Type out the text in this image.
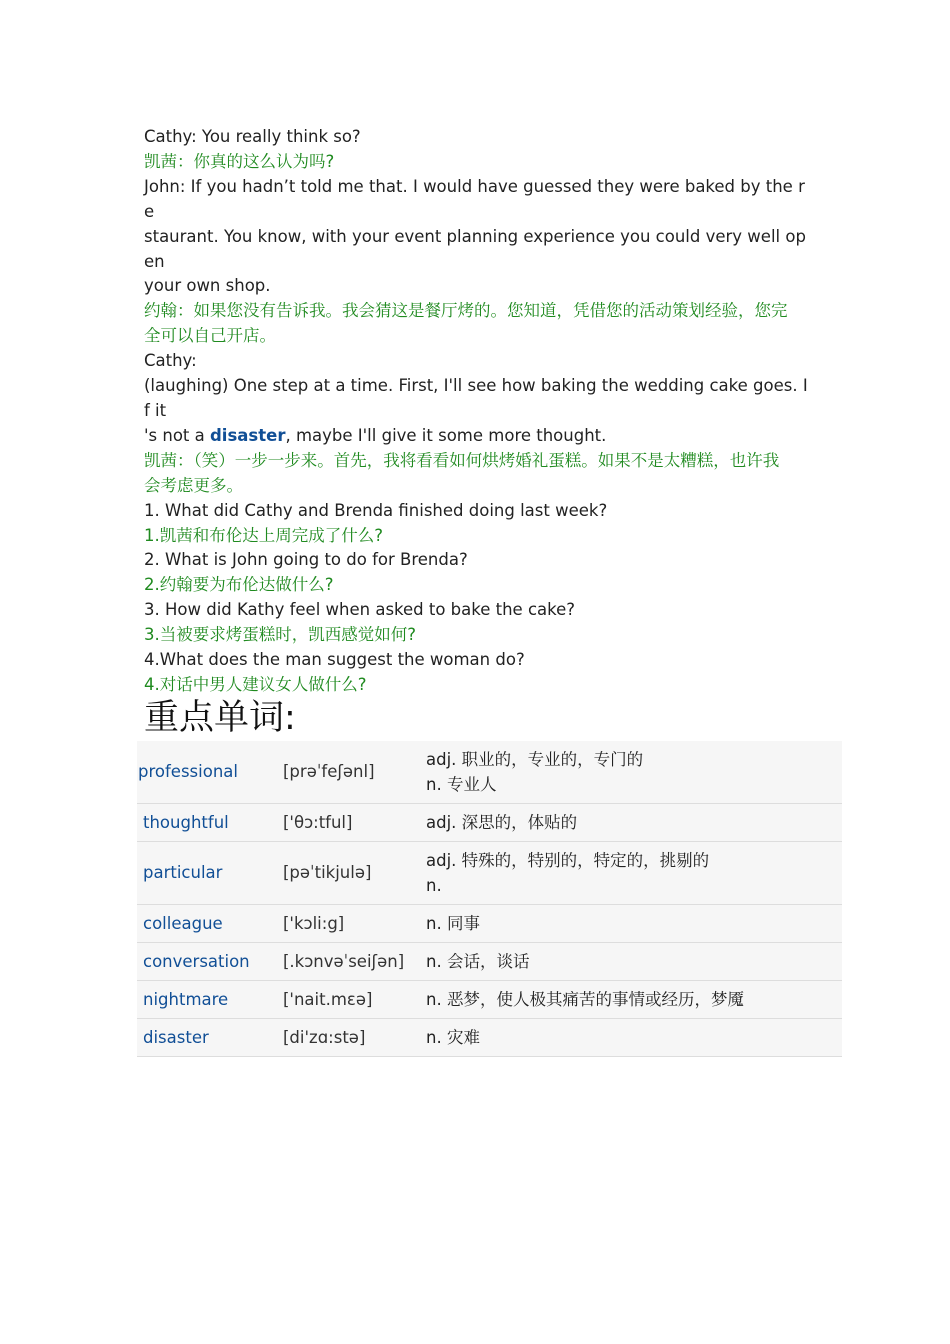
Cathy: You really think so?

凯茜：你真的这么认为吗?

John: If you hadn’t told me that. I would have guessed they were baked by the re

staurant. You know, with your event planning experience you could very well open

your own shop.

约翰：如果您没有告诉我。我会猜这是餐厅烤的。您知道，凭借您的活动策划经验，您完

全可以自己开店。

Cathy:

(laughing) One step at a time. First, I'll see how baking the wedding cake goes. If it

's not a disaster, maybe I'll give it some more thought.

凯茜：（笑）一步一步来。首先，我将看看如何烘烤婚礼蛋糕。如果不是太糟糕，也许我

会考虑更多。

1. What did Cathy and Brenda finished doing last week?

1.凯茜和布伦达上周完成了什么?

2. What is John going to do for Brenda?

2.约翰要为布伦达做什么?

3. How did Kathy feel when asked to bake the cake?

3.当被要求烤蛋糕时，凯西感觉如何?

4.What does the man suggest the woman do?

4.对话中男人建议女人做什么?

重点单词:
professional	[prəˈfeʃənl]	adj. 职业的，专业的，专门的
n. 专业人

thoughtful	['θɔ:tful]	adj. 深思的，体贴的

particular	[pəˈtikjulə]	adj. 特殊的，特别的，特定的，挑剔的
n.

colleague	['kɔli:g]	n. 同事

conversation	[.kɔnvəˈseiʃən]	n. 会话，谈话

nightmare	['nait.mεə]	n. 恶梦，使人极其痛苦的事情或经历，梦魇

disaster	[di'zɑ:stə]	n. 灾难
